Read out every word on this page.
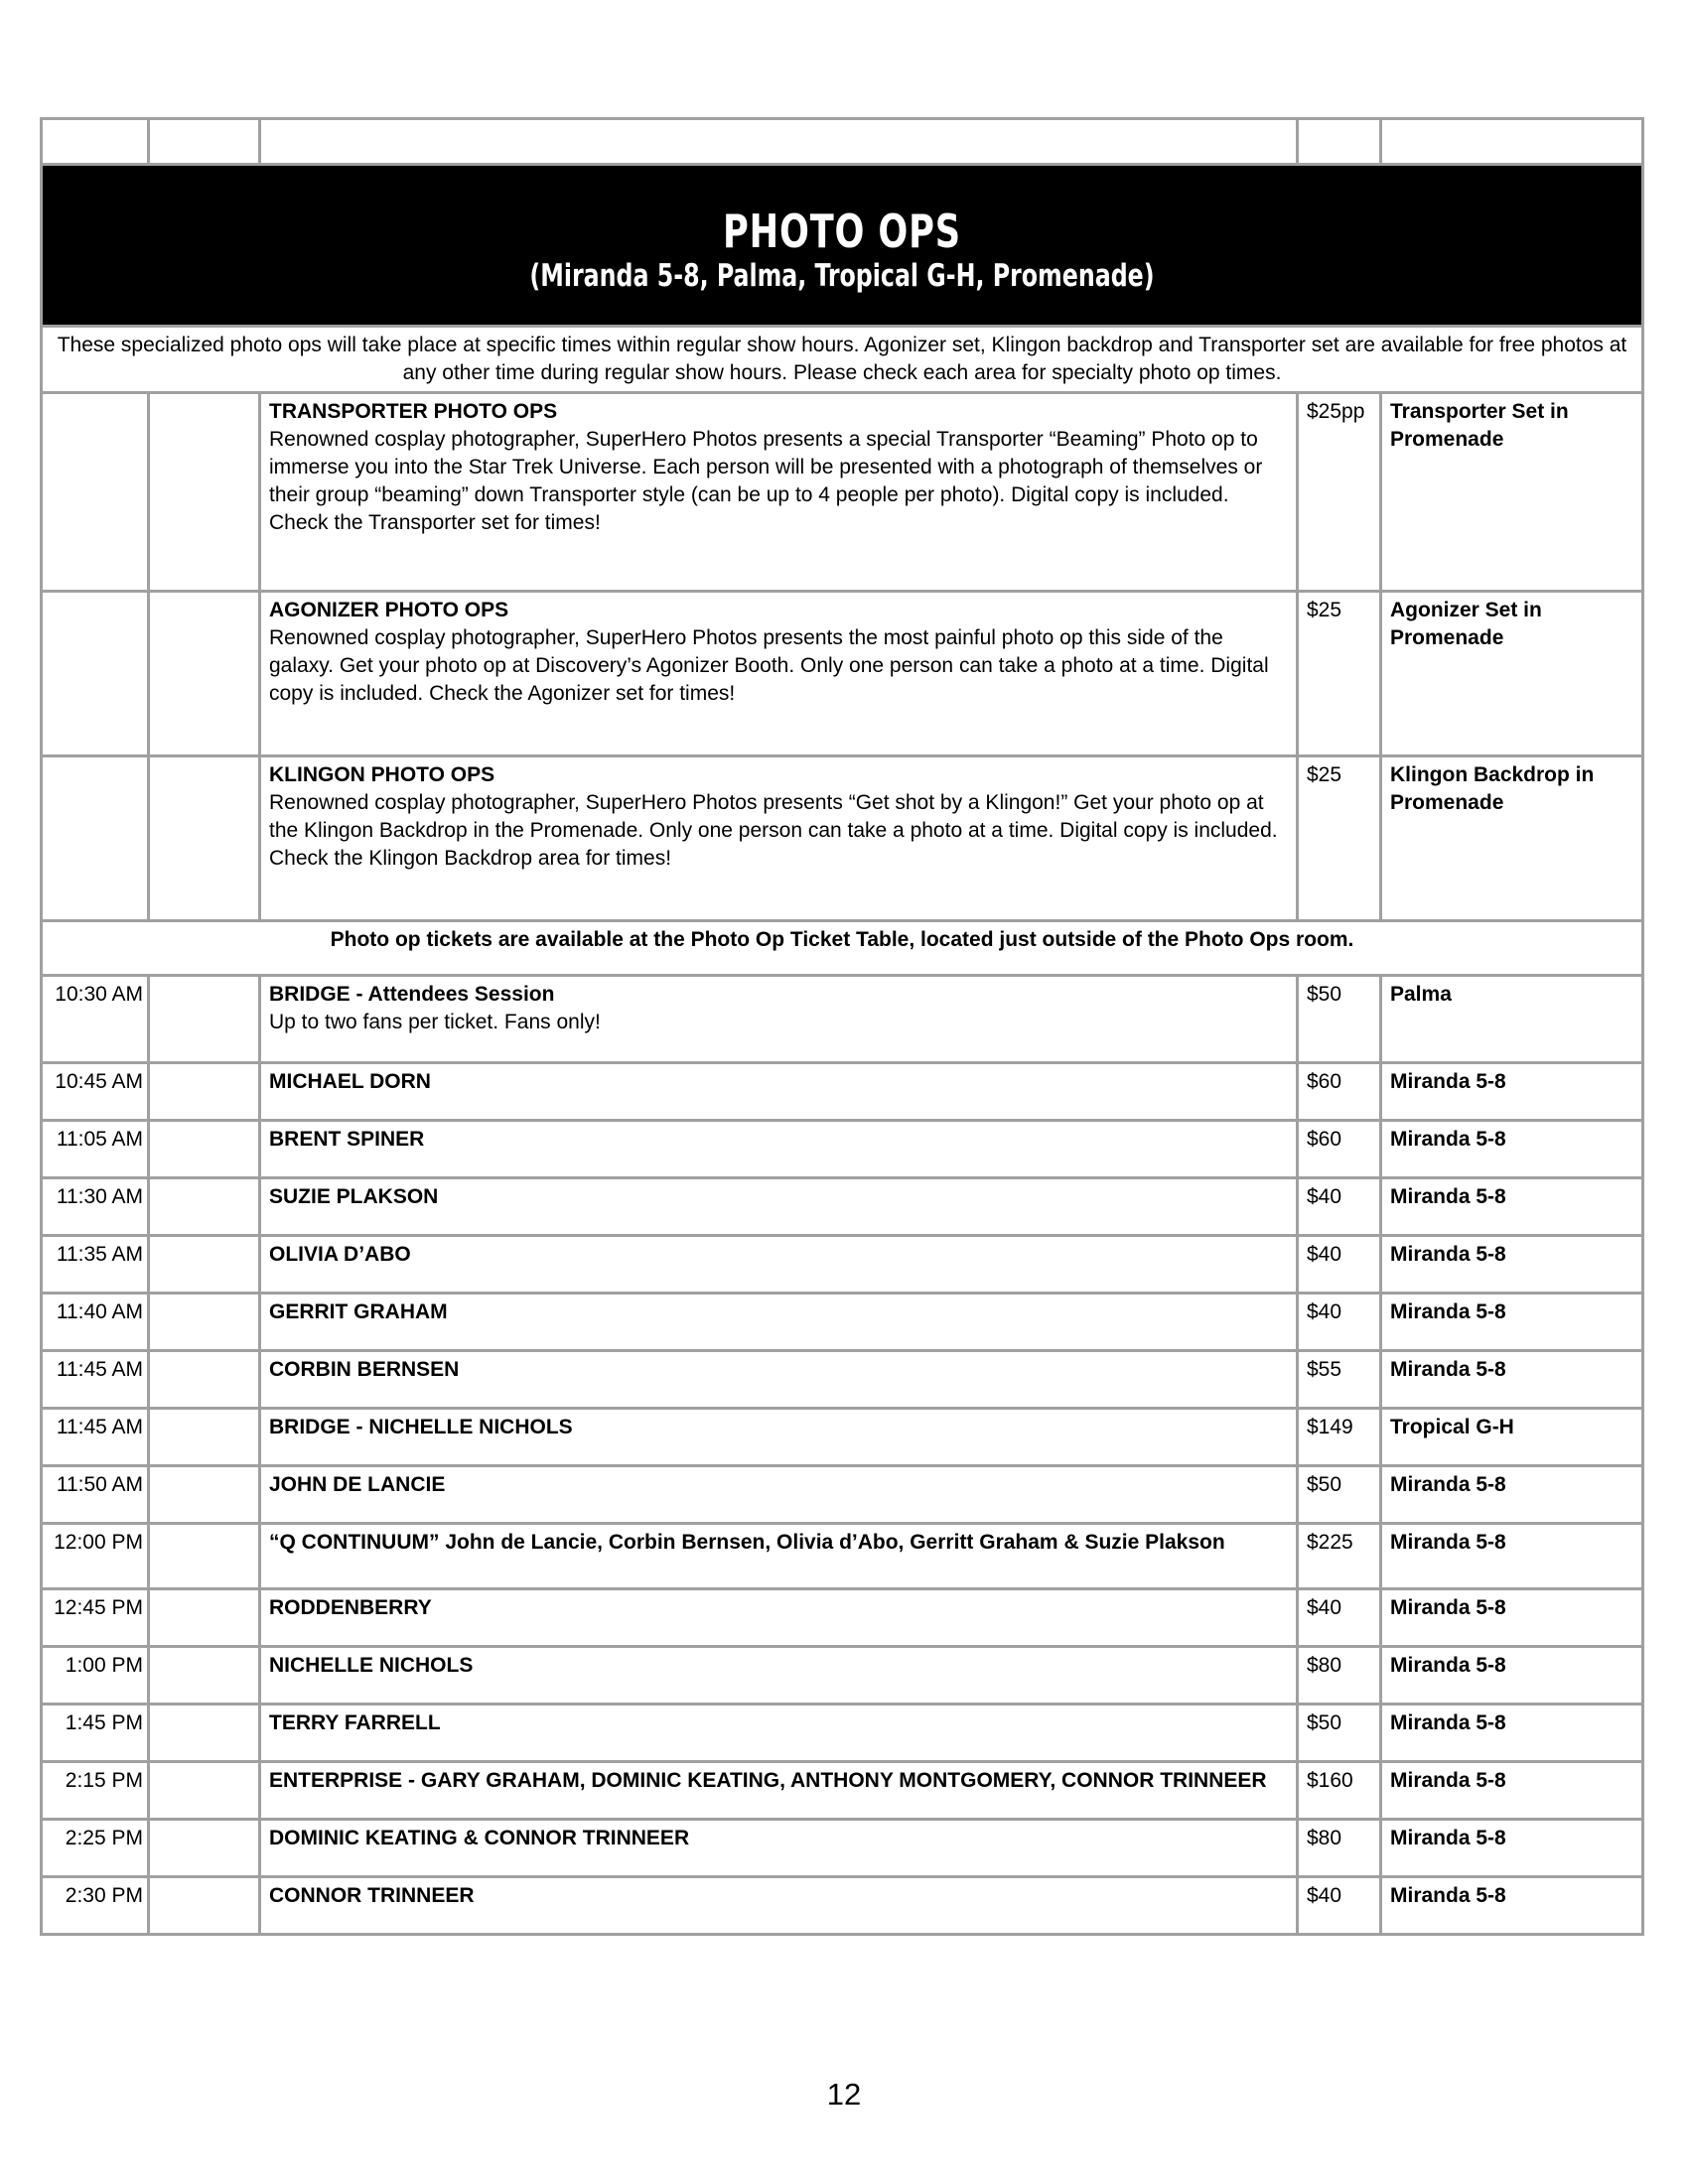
PHOTO OPS
(Miranda 5-8, Palma, Tropical G-H, Promenade)				

These specialized photo ops will take place at specific times within regular show hours. Agonizer set, Klingon backdrop and Transporter set are available for free photos at any other time during regular show hours. Please check each area for specialty photo op times.				

		TRANSPORTER PHOTO OPS
Renowned cosplay photographer, SuperHero Photos presents a special Transporter “Beaming” Photo op to immerse you into the Star Trek Universe. Each person will be presented with a photograph of themselves or their group “beaming” down Transporter style (can be up to 4 people per photo). Digital copy is included. Check the Transporter set for times!	$25pp	Transporter Set in Promenade

		AGONIZER PHOTO OPS
Renowned cosplay photographer, SuperHero Photos presents the most painful photo op this side of the galaxy. Get your photo op at Discovery’s Agonizer Booth. Only one person can take a photo at a time. Digital copy is included. Check the Agonizer set for times!	$25	Agonizer Set in Promenade

		KLINGON PHOTO OPS
Renowned cosplay photographer, SuperHero Photos presents “Get shot by a Klingon!” Get your photo op at the Klingon Backdrop in the Promenade. Only one person can take a photo at a time. Digital copy is included. Check the Klingon Backdrop area for times!	$25	Klingon Backdrop in Promenade
Photo op tickets are available at the Photo Op Ticket Table, located just outside of the Photo Ops room.				
10:30 AM		BRIDGE - Attendees Session
Up to two fans per ticket. Fans only!	$50	Palma
10:45 AM		MICHAEL DORN	$60	Miranda 5-8
11:05 AM		BRENT SPINER	$60	Miranda 5-8
11:30 AM		SUZIE PLAKSON	$40	Miranda 5-8
11:35 AM		OLIVIA D’ABO	$40	Miranda 5-8
11:40 AM		GERRIT GRAHAM	$40	Miranda 5-8
11:45 AM		CORBIN BERNSEN	$55	Miranda 5-8
11:45 AM		BRIDGE - NICHELLE NICHOLS	$149	Tropical G-H
11:50 AM		JOHN DE LANCIE	$50	Miranda 5-8
12:00 PM		“Q CONTINUUM” John de Lancie, Corbin Bernsen, Olivia d’Abo, Gerritt Graham & Suzie Plakson	$225	Miranda 5-8
12:45 PM		RODDENBERRY	$40	Miranda 5-8
1:00 PM		NICHELLE NICHOLS	$80	Miranda 5-8
1:45 PM		TERRY FARRELL	$50	Miranda 5-8
2:15 PM		ENTERPRISE - GARY GRAHAM, DOMINIC KEATING, ANTHONY MONTGOMERY, CONNOR TRINNEER	$160	Miranda 5-8
2:25 PM		DOMINIC KEATING & CONNOR TRINNEER	$80	Miranda 5-8
2:30 PM		CONNOR TRINNEER	$40	Miranda 5-8
12
